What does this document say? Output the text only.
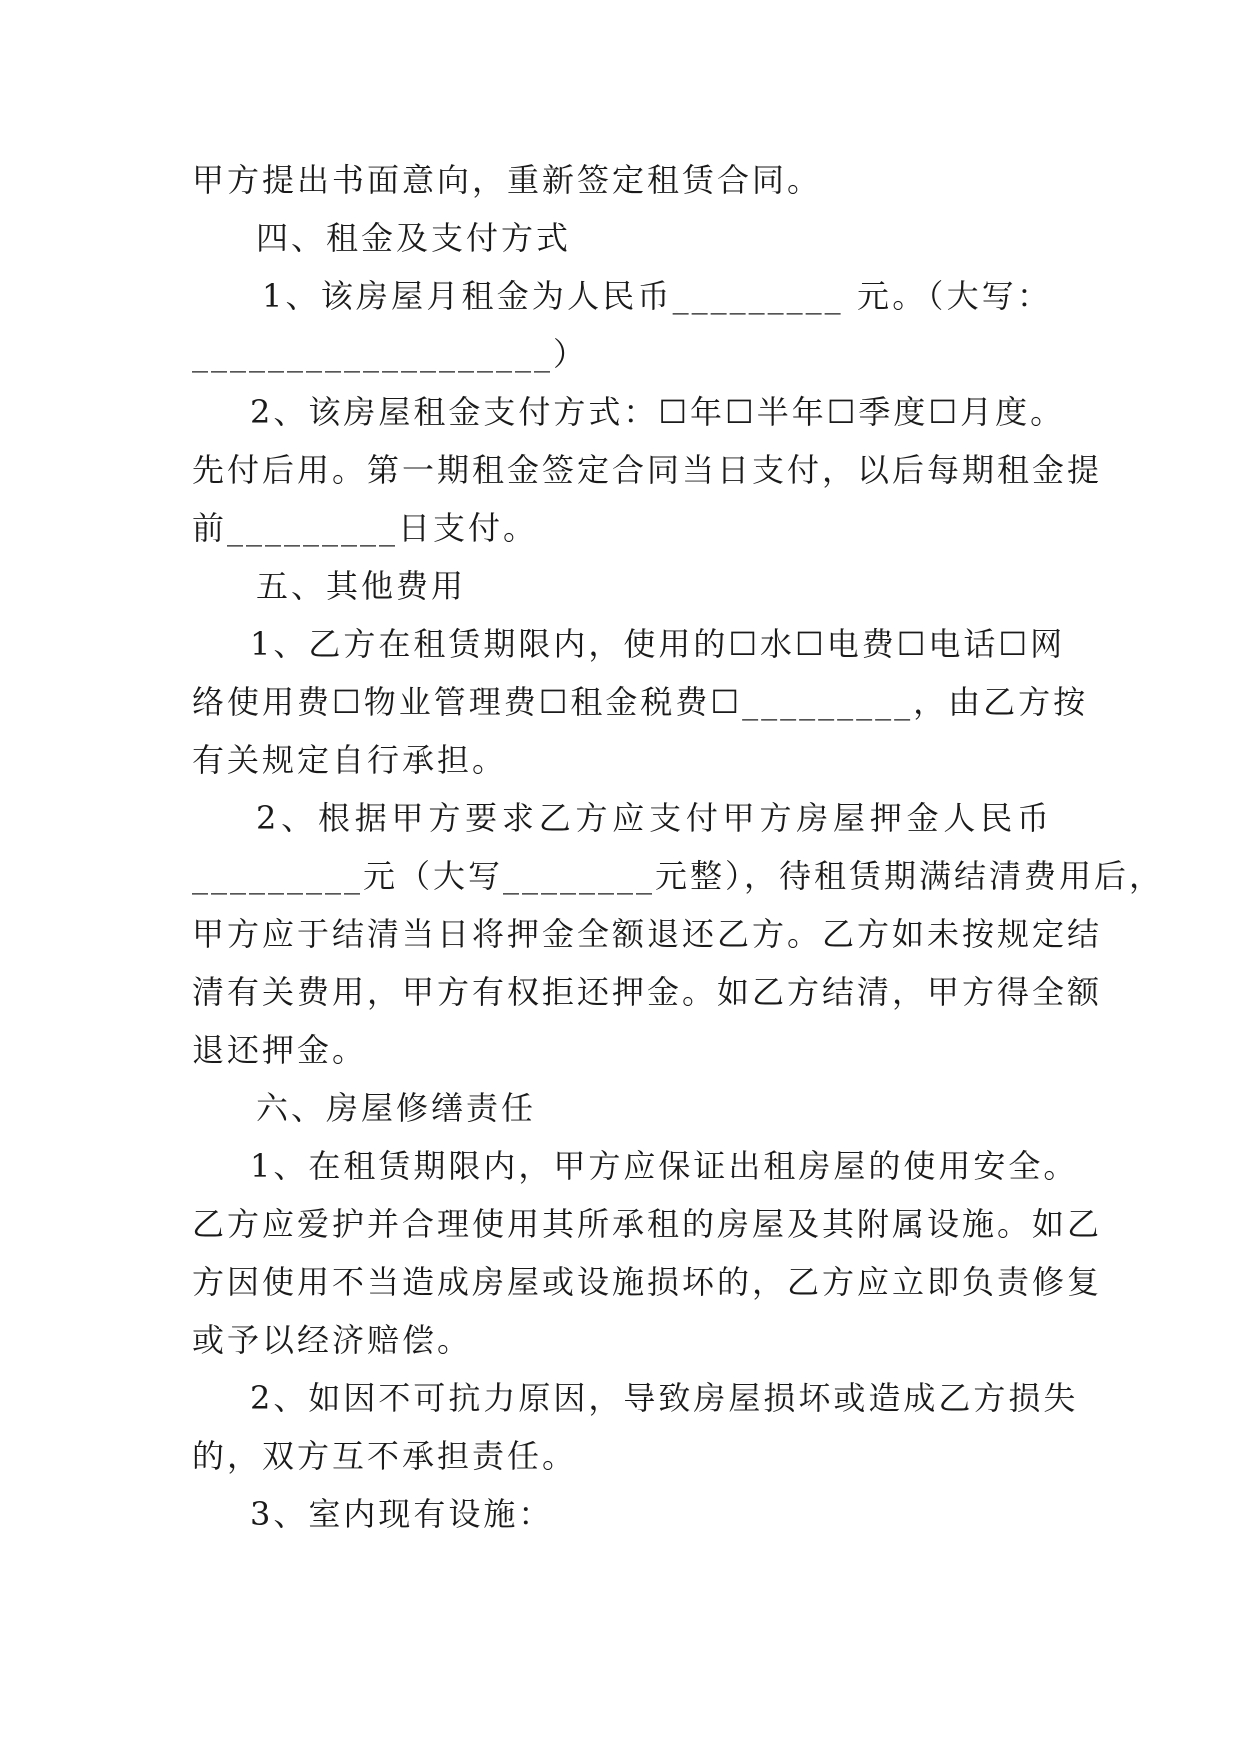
甲方提出书面意向，重新签定租赁合同。
四、租金及支付方式
1、该房屋月租金为人民币_________ 元。（大写：
___________________）
2、该房屋租金支付方式：☐年☐半年☐季度☐月度。
先付后用。第一期租金签定合同当日支付，以后每期租金提
前_________日支付。
五、其他费用
1、乙方在租赁期限内，使用的☐水☐电费☐电话☐网
络使用费☐物业管理费☐租金税费☐_________，由乙方按
有关规定自行承担。
2、根据甲方要求乙方应支付甲方房屋押金人民币
_________元（大写________元整），待租赁期满结清费用后，
甲方应于结清当日将押金全额退还乙方。乙方如未按规定结
清有关费用，甲方有权拒还押金。如乙方结清，甲方得全额
退还押金。
六、房屋修缮责任
1、在租赁期限内，甲方应保证出租房屋的使用安全。
乙方应爱护并合理使用其所承租的房屋及其附属设施。如乙
方因使用不当造成房屋或设施损坏的，乙方应立即负责修复
或予以经济赔偿。
2、如因不可抗力原因，导致房屋损坏或造成乙方损失
的，双方互不承担责任。
3、室内现有设施：
